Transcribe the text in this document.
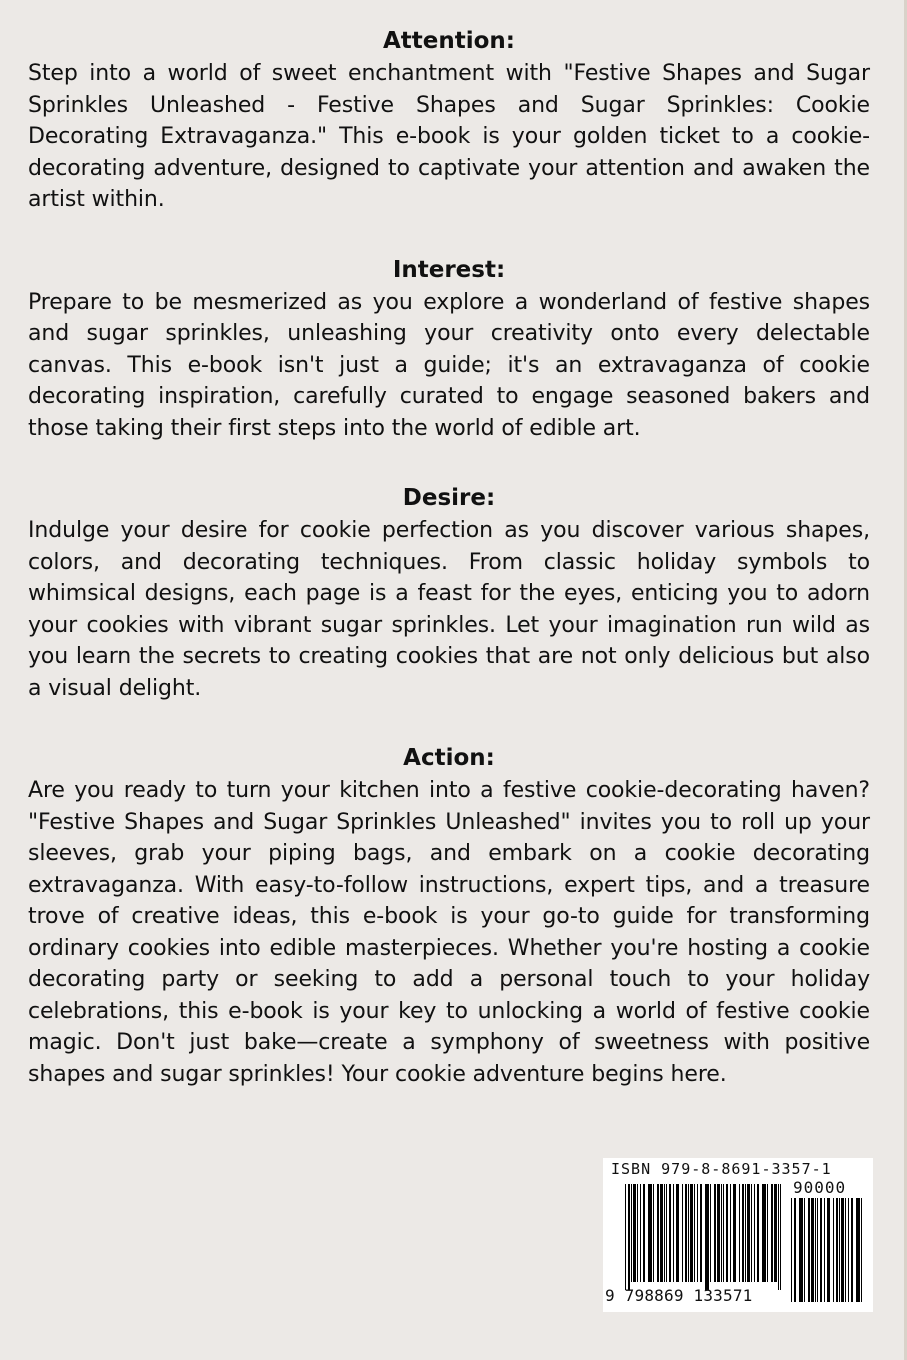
Attention:

Step into a world of sweet enchantment with "Festive Shapes and Sugar Sprinkles Unleashed - Festive Shapes and Sugar Sprinkles: Cookie Decorating Extravaganza." This e-book is your golden ticket to a cookie-decorating adventure, designed to captivate your attention and awaken the artist within.

Interest:

Prepare to be mesmerized as you explore a wonderland of festive shapes and sugar sprinkles, unleashing your creativity onto every delectable canvas. This e-book isn't just a guide; it's an extravaganza of cookie decorating inspiration, carefully curated to engage seasoned bakers and those taking their first steps into the world of edible art.

Desire:

Indulge your desire for cookie perfection as you discover various shapes, colors, and decorating techniques. From classic holiday symbols to whimsical designs, each page is a feast for the eyes, enticing you to adorn your cookies with vibrant sugar sprinkles. Let your imagination run wild as you learn the secrets to creating cookies that are not only delicious but also a visual delight.

Action:

Are you ready to turn your kitchen into a festive cookie-decorating haven? "Festive Shapes and Sugar Sprinkles Unleashed" invites you to roll up your sleeves, grab your piping bags, and embark on a cookie decorating extravaganza. With easy-to-follow instructions, expert tips, and a treasure trove of creative ideas, this e-book is your go-to guide for transforming ordinary cookies into edible masterpieces. Whether you're hosting a cookie decorating party or seeking to add a personal touch to your holiday celebrations, this e-book is your key to unlocking a world of festive cookie magic. Don't just bake—create a symphony of sweetness with positive shapes and sugar sprinkles! Your cookie adventure begins here.

ISBN 979-8-8691-3357-1
90000
9 798869 133571
